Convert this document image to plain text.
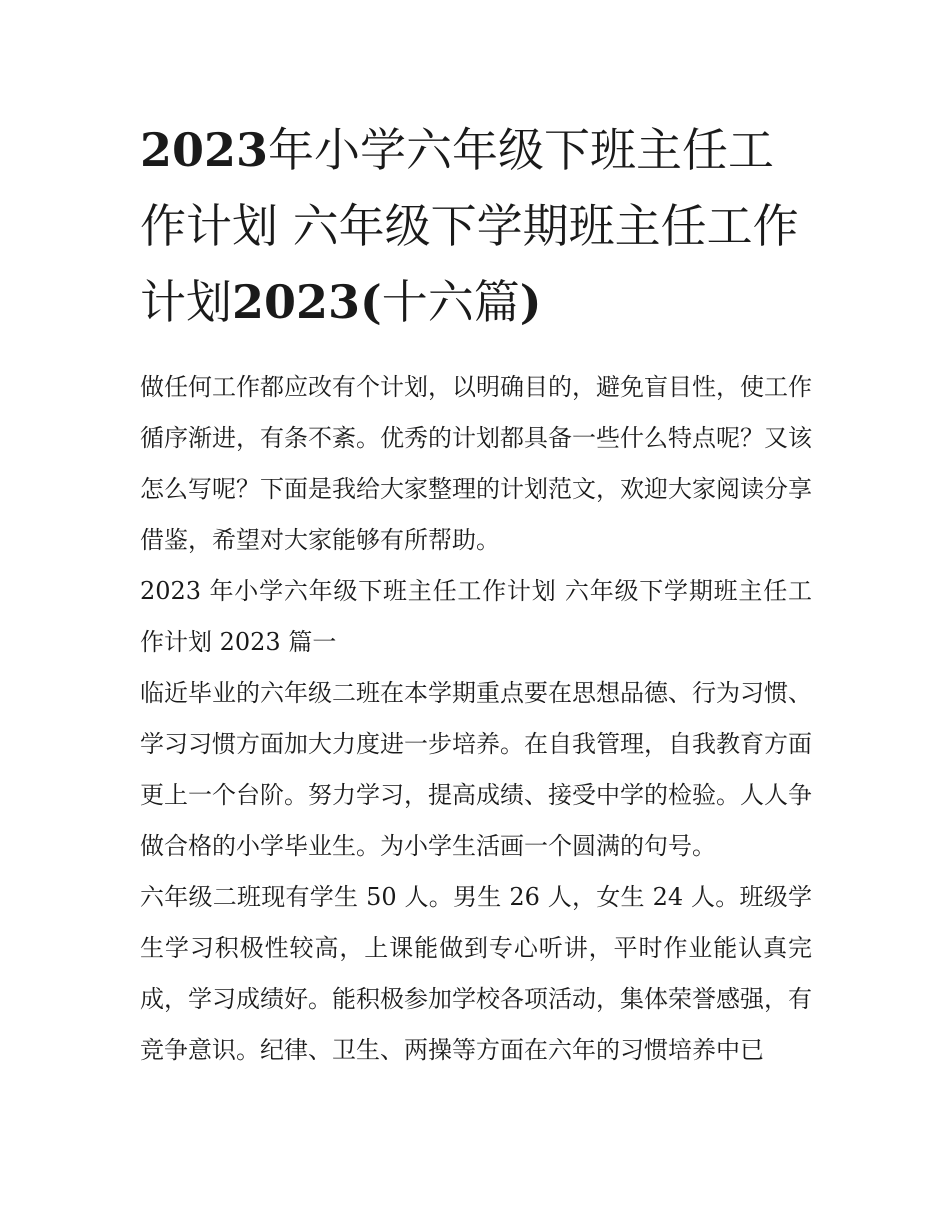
2023年小学六年级下班主任工作计划 六年级下学期班主任工作计划2023(十六篇)

做任何工作都应改有个计划，以明确目的，避免盲目性，使工作循序渐进，有条不紊。优秀的计划都具备一些什么特点呢？又该怎么写呢？下面是我给大家整理的计划范文，欢迎大家阅读分享借鉴，希望对大家能够有所帮助。

2023 年小学六年级下班主任工作计划 六年级下学期班主任工作计划 2023 篇一

临近毕业的六年级二班在本学期重点要在思想品德、行为习惯、学习习惯方面加大力度进一步培养。在自我管理，自我教育方面更上一个台阶。努力学习，提高成绩、接受中学的检验。人人争做合格的小学毕业生。为小学生活画一个圆满的句号。

六年级二班现有学生 50 人。男生 26 人，女生 24 人。班级学生学习积极性较高，上课能做到专心听讲，平时作业能认真完成，学习成绩好。能积极参加学校各项活动，集体荣誉感强，有竞争意识。纪律、卫生、两操等方面在六年的习惯培养中已
